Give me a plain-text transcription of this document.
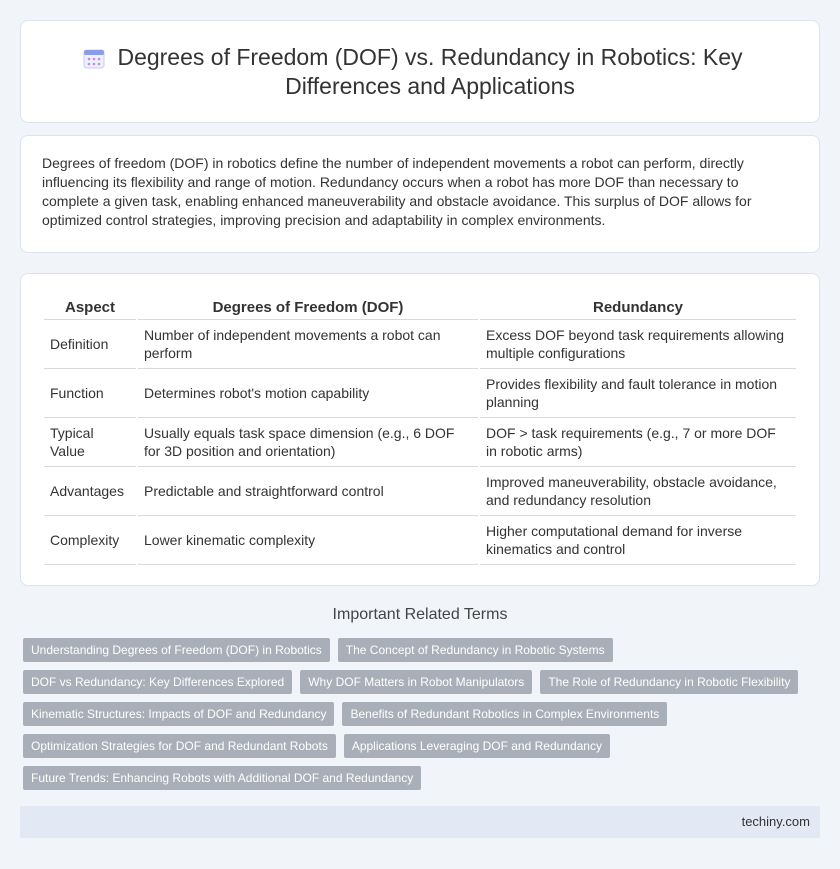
Degrees of Freedom (DOF) vs. Redundancy in Robotics: Key Differences and Applications

Degrees of freedom (DOF) in robotics define the number of independent movements a robot can perform, directly influencing its flexibility and range of motion. Redundancy occurs when a robot has more DOF than necessary to complete a given task, enabling enhanced maneuverability and obstacle avoidance. This surplus of DOF allows for optimized control strategies, improving precision and adaptability in complex environments.

Aspect	Degrees of Freedom (DOF)	Redundancy
Definition	Number of independent movements a robot can perform	Excess DOF beyond task requirements allowing multiple configurations
Function	Determines robot's motion capability	Provides flexibility and fault tolerance in motion planning
Typical Value	Usually equals task space dimension (e.g., 6 DOF for 3D position and orientation)	DOF > task requirements (e.g., 7 or more DOF in robotic arms)
Advantages	Predictable and straightforward control	Improved maneuverability, obstacle avoidance, and redundancy resolution
Complexity	Lower kinematic complexity	Higher computational demand for inverse kinematics and control
Important Related Terms
Understanding Degrees of Freedom (DOF) in Robotics	The Concept of Redundancy in Robotic Systems
DOF vs Redundancy: Key Differences Explored	Why DOF Matters in Robot Manipulators	The Role of Redundancy in Robotic Flexibility
Kinematic Structures: Impacts of DOF and Redundancy	Benefits of Redundant Robotics in Complex Environments
Optimization Strategies for DOF and Redundant Robots	Applications Leveraging DOF and Redundancy
Future Trends: Enhancing Robots with Additional DOF and Redundancy
techiny.com
